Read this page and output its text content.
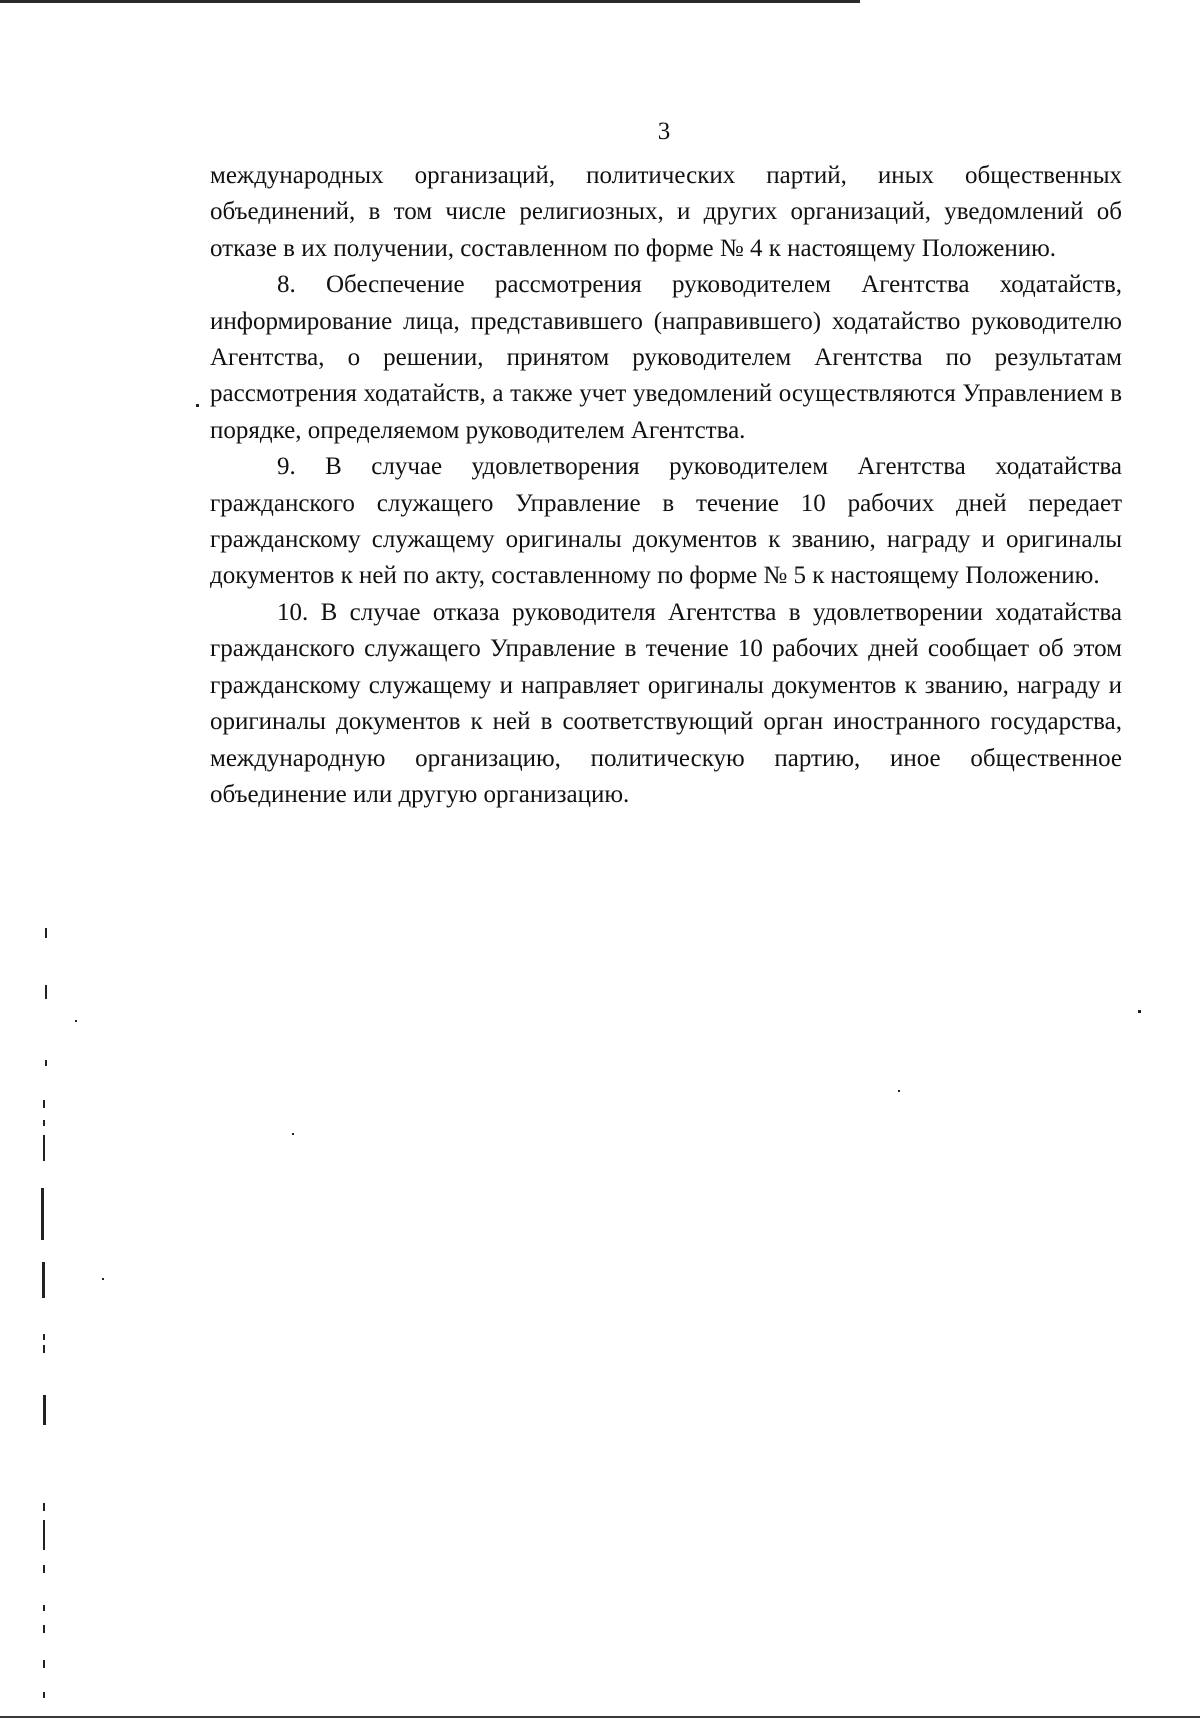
3

международных организаций, политических партий, иных общественных объединений, в том числе религиозных, и других организаций, уведомлений об отказе в их получении, составленном по форме № 4 к настоящему Положению.

8. Обеспечение рассмотрения руководителем Агентства ходатайств, информирование лица, представившего (направившего) ходатайство руководителю Агентства, о решении, принятом руководителем Агентства по результатам рассмотрения ходатайств, а также учет уведомлений осуществляются Управлением в порядке, определяемом руководителем Агентства.

9. В случае удовлетворения руководителем Агентства ходатайства гражданского служащего Управление в течение 10 рабочих дней передает гражданскому служащему оригиналы документов к званию, награду и оригиналы документов к ней по акту, составленному по форме № 5 к настоящему Положению.

10. В случае отказа руководителя Агентства в удовлетворении ходатайства гражданского служащего Управление в течение 10 рабочих дней сообщает об этом гражданскому служащему и направляет оригиналы документов к званию, награду и оригиналы документов к ней в соответствующий орган иностранного государства, международную организацию, политическую партию, иное общественное объединение или другую организацию.
